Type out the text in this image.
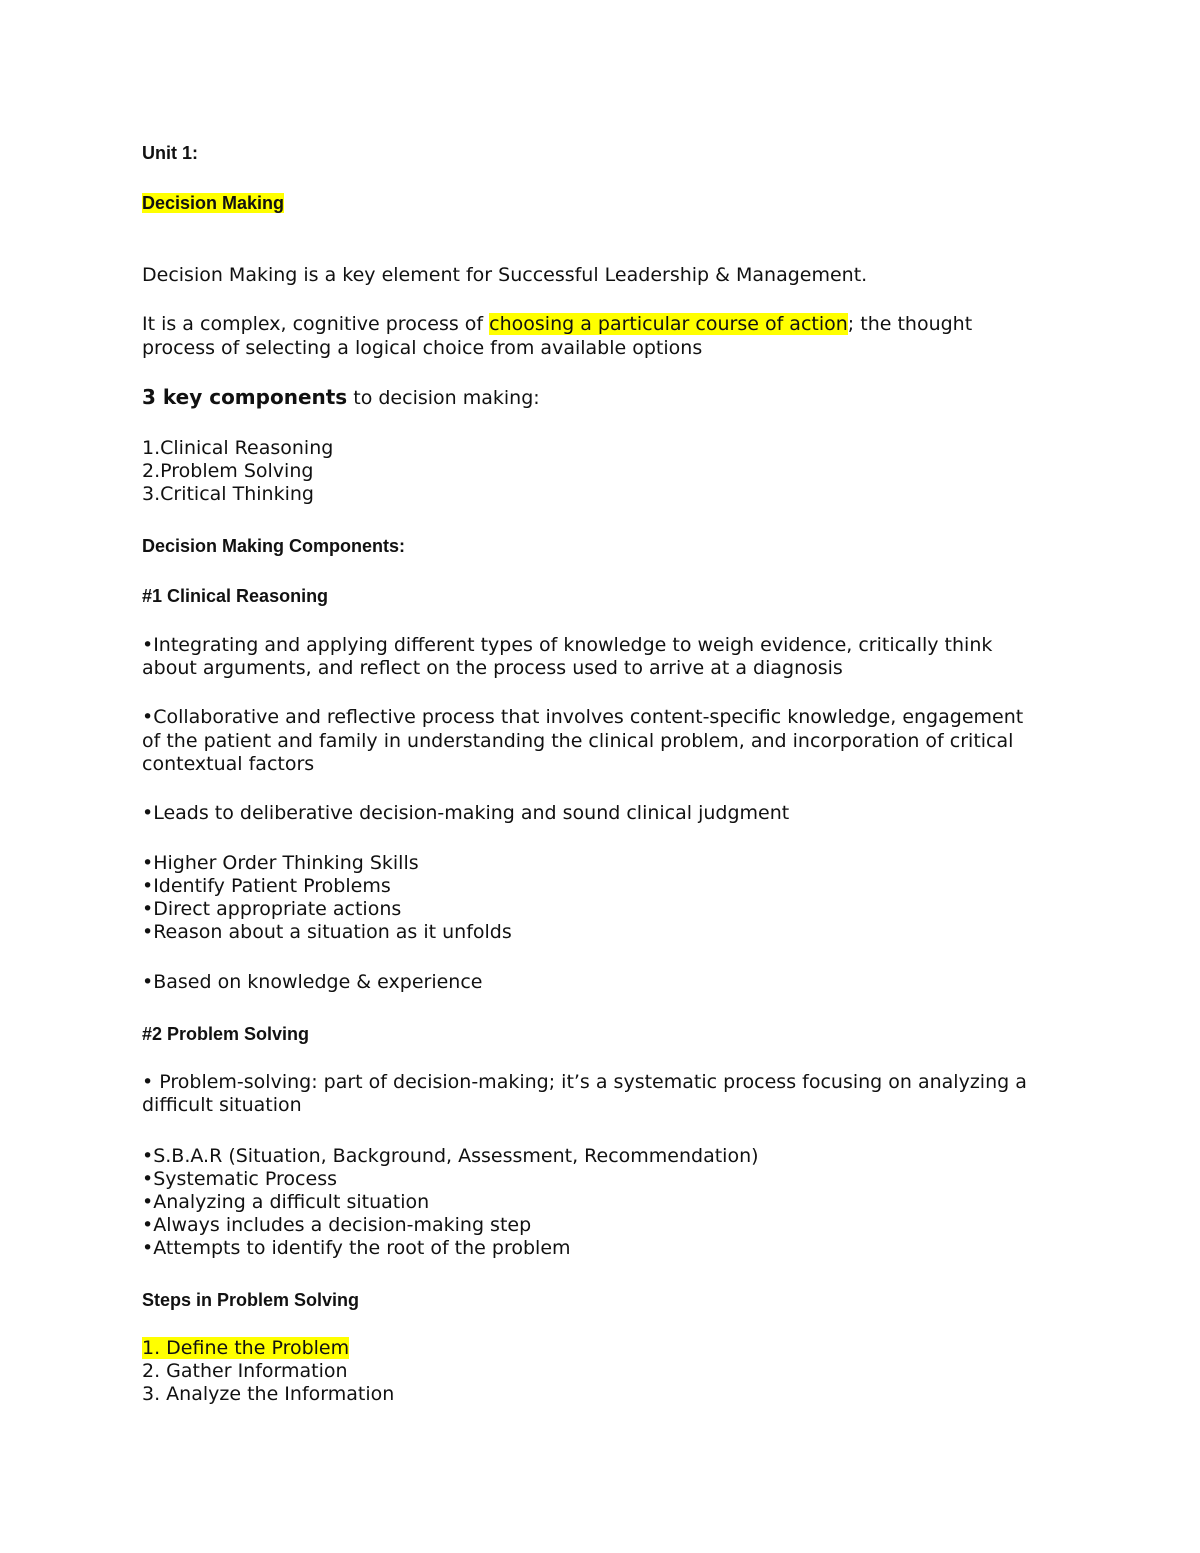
Unit 1:
Decision Making
Decision Making is a key element for Successful Leadership & Management.
It is a complex, cognitive process of choosing a particular course of action; the thought
process of selecting a logical choice from available options
3 key components to decision making:
1.Clinical Reasoning
2.Problem Solving
3.Critical Thinking
Decision Making Components:
#1 Clinical Reasoning
•Integrating and applying different types of knowledge to weigh evidence, critically think
about arguments, and reflect on the process used to arrive at a diagnosis
•Collaborative and reflective process that involves content-specific knowledge, engagement
of the patient and family in understanding the clinical problem, and incorporation of critical
contextual factors
•Leads to deliberative decision-making and sound clinical judgment
•Higher Order Thinking Skills
•Identify Patient Problems
•Direct appropriate actions
•Reason about a situation as it unfolds
•Based on knowledge & experience
#2 Problem Solving
• Problem-solving: part of decision-making; it’s a systematic process focusing on analyzing a
difficult situation
•S.B.A.R (Situation, Background, Assessment, Recommendation)
•Systematic Process
•Analyzing a difficult situation
•Always includes a decision-making step
•Attempts to identify the root of the problem
Steps in Problem Solving
1. Define the Problem
2. Gather Information
3. Analyze the Information
